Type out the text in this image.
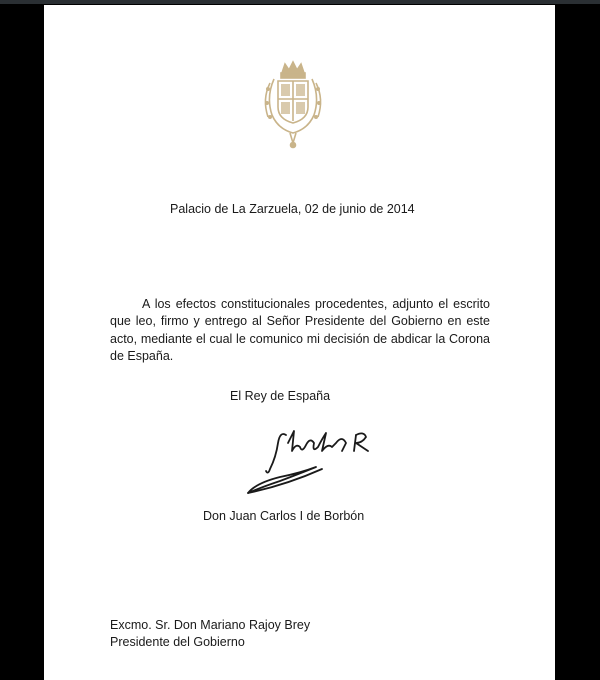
Palacio de La Zarzuela, 02 de junio de 2014
A los efectos constitucionales procedentes, adjunto el escrito que leo, firmo y entrego al Señor Presidente del Gobierno en este acto, mediante el cual le comunico mi decisión de abdicar la Corona de España.
El Rey de España
Don Juan Carlos I de Borbón
Excmo. Sr. Don Mariano Rajoy Brey
Presidente del Gobierno
